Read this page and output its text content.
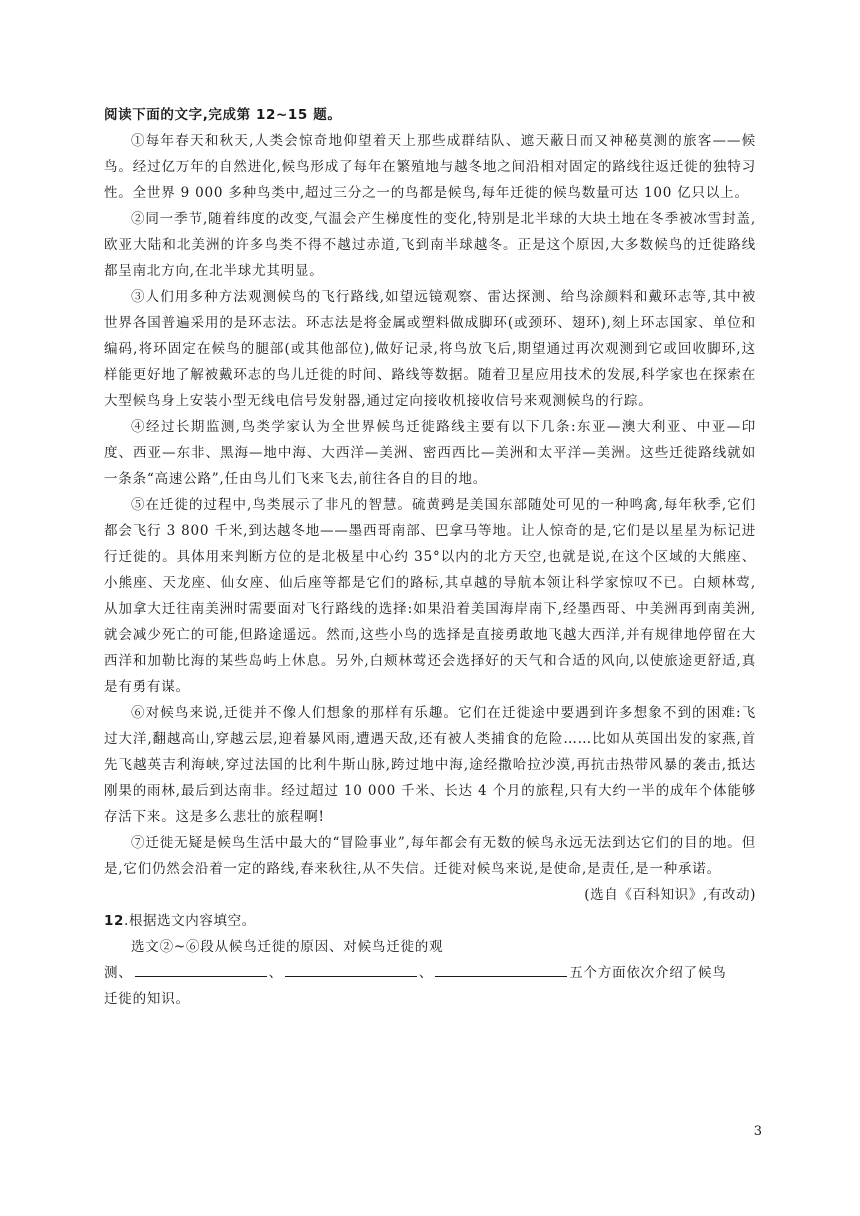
阅读下面的文字,完成第 12~15 题。

①每年春天和秋天,人类会惊奇地仰望着天上那些成群结队、遮天蔽日而又神秘莫测的旅客——候鸟。经过亿万年的自然进化,候鸟形成了每年在繁殖地与越冬地之间沿相对固定的路线往返迁徙的独特习性。全世界 9 000 多种鸟类中,超过三分之一的鸟都是候鸟,每年迁徙的候鸟数量可达 100 亿只以上。

②同一季节,随着纬度的改变,气温会产生梯度性的变化,特别是北半球的大块土地在冬季被冰雪封盖,欧亚大陆和北美洲的许多鸟类不得不越过赤道,飞到南半球越冬。正是这个原因,大多数候鸟的迁徙路线都呈南北方向,在北半球尤其明显。

③人们用多种方法观测候鸟的飞行路线,如望远镜观察、雷达探测、给鸟涂颜料和戴环志等,其中被世界各国普遍采用的是环志法。环志法是将金属或塑料做成脚环(或颈环、翅环),刻上环志国家、单位和编码,将环固定在候鸟的腿部(或其他部位),做好记录,将鸟放飞后,期望通过再次观测到它或回收脚环,这样能更好地了解被戴环志的鸟儿迁徙的时间、路线等数据。随着卫星应用技术的发展,科学家也在探索在大型候鸟身上安装小型无线电信号发射器,通过定向接收机接收信号来观测候鸟的行踪。

④经过长期监测,鸟类学家认为全世界候鸟迁徙路线主要有以下几条:东亚—澳大利亚、中亚—印度、西亚—东非、黑海—地中海、大西洋—美洲、密西西比—美洲和太平洋—美洲。这些迁徙路线就如一条条“高速公路”,任由鸟儿们飞来飞去,前往各自的目的地。

⑤在迁徙的过程中,鸟类展示了非凡的智慧。硫黄鹀是美国东部随处可见的一种鸣禽,每年秋季,它们都会飞行 3 800 千米,到达越冬地——墨西哥南部、巴拿马等地。让人惊奇的是,它们是以星星为标记进行迁徙的。具体用来判断方位的是北极星中心约 35°以内的北方天空,也就是说,在这个区域的大熊座、小熊座、天龙座、仙女座、仙后座等都是它们的路标,其卓越的导航本领让科学家惊叹不已。白颊林莺,从加拿大迁往南美洲时需要面对飞行路线的选择:如果沿着美国海岸南下,经墨西哥、中美洲再到南美洲,就会减少死亡的可能,但路途遥远。然而,这些小鸟的选择是直接勇敢地飞越大西洋,并有规律地停留在大西洋和加勒比海的某些岛屿上休息。另外,白颊林莺还会选择好的天气和合适的风向,以使旅途更舒适,真是有勇有谋。

⑥对候鸟来说,迁徙并不像人们想象的那样有乐趣。它们在迁徙途中要遇到许多想象不到的困难:飞过大洋,翻越高山,穿越云层,迎着暴风雨,遭遇天敌,还有被人类捕食的危险……比如从英国出发的家燕,首先飞越英吉利海峡,穿过法国的比利牛斯山脉,跨过地中海,途经撒哈拉沙漠,再抗击热带风暴的袭击,抵达刚果的雨林,最后到达南非。经过超过 10 000 千米、长达 4 个月的旅程,只有大约一半的成年个体能够存活下来。这是多么悲壮的旅程啊!

⑦迁徙无疑是候鸟生活中最大的“冒险事业”,每年都会有无数的候鸟永远无法到达它们的目的地。但是,它们仍然会沿着一定的路线,春来秋往,从不失信。迁徙对候鸟来说,是使命,是责任,是一种承诺。

(选自《百科知识》,有改动)

12.根据选文内容填空。

选文②~⑥段从候鸟迁徙的原因、对候鸟迁徙的观

测、	、	、	五个方面依次介绍了候鸟

迁徙的知识。

3
